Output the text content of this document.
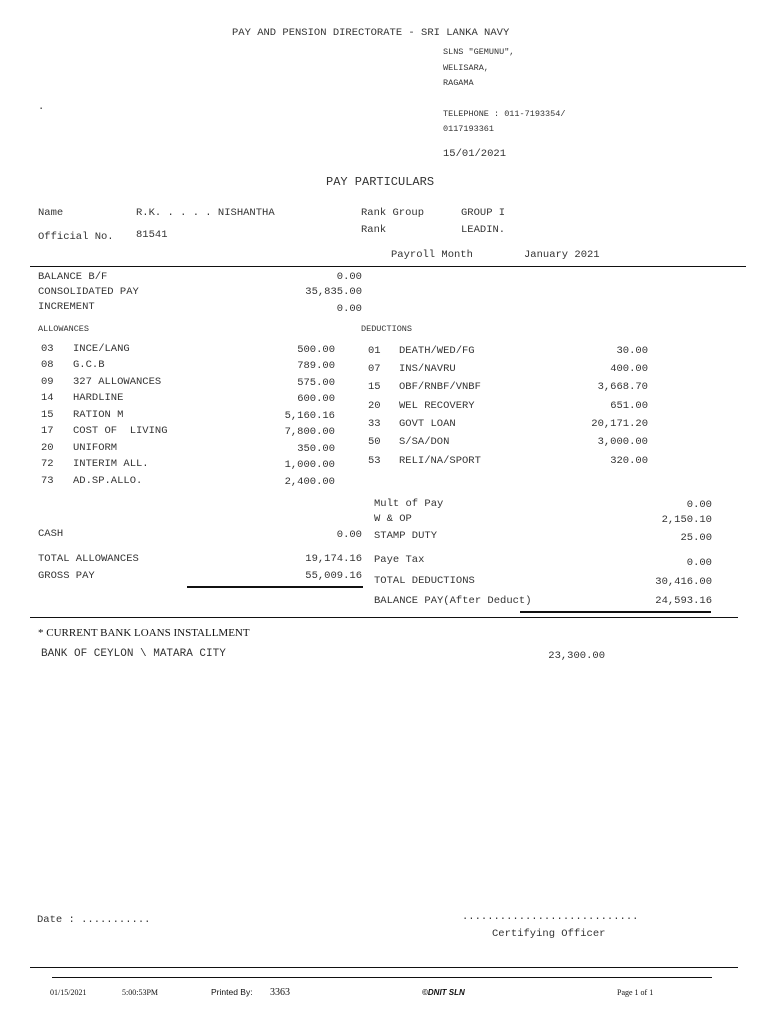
PAY AND PENSION DIRECTORATE - SRI LANKA NAVY
SLNS "GEMUNU",
WELISARA,
RAGAMA
.
TELEPHONE : 011-7193354/
0117193361
15/01/2021
PAY PARTICULARS
Name	R.K. . . . . NISHANTHA
Official No. 81541
Rank Group	GROUP I
Rank	LEADIN.
Payroll Month	January 2021
BALANCE B/F	0.00
CONSOLIDATED PAY	35,835.00
INCREMENT	0.00
ALLOWANCES	DEDUCTIONS
03 INCE/LANG	500.00
08 G.C.B	789.00
09 327 ALLOWANCES	575.00
14 HARDLINE	600.00
15 RATION M	5,160.16
17 COST OF  LIVING	7,800.00
20 UNIFORM	350.00
72 INTERIM ALL.	1,000.00
73 AD.SP.ALLO.	2,400.00
01 DEATH/WED/FG	30.00
07 INS/NAVRU	400.00
15 OBF/RNBF/VNBF	3,668.70
20 WEL RECOVERY	651.00
33 GOVT LOAN	20,171.20
50 S/SA/DON	3,000.00
53 RELI/NA/SPORT	320.00
Mult of Pay	0.00
W & OP	2,150.10
STAMP DUTY	25.00
Paye Tax	0.00
TOTAL DEDUCTIONS	30,416.00
BALANCE PAY(After Deduct)	24,593.16
CASH	0.00
TOTAL ALLOWANCES	19,174.16
GROSS PAY	55,009.16
* CURRENT BANK LOANS INSTALLMENT
BANK OF CEYLON \ MATARA CITY	23,300.00
Date : ...........	............................
Certifying Officer
01/15/2021	5:00:53PM	Printed By: 3363	©DNIT SLN	Page 1 of 1
